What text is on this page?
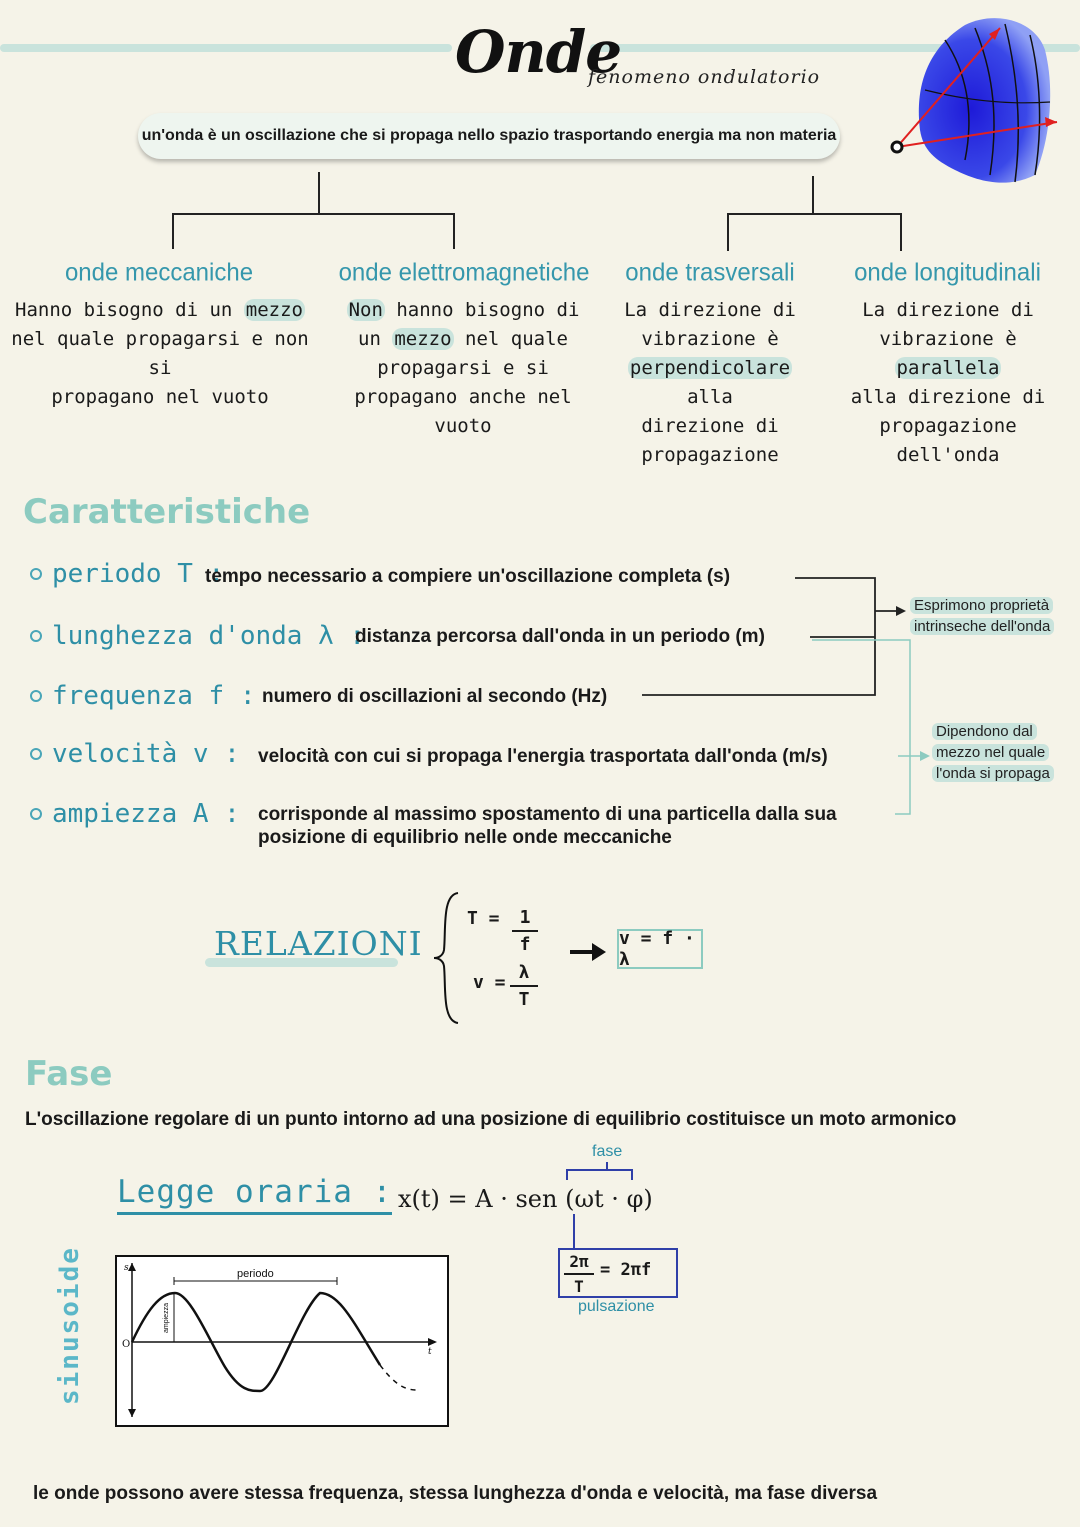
Onde
fenomeno ondulatorio
un'onda è un oscillazione che si propaga nello spazio trasportando energia ma non materia
onde meccaniche
Hanno bisogno di un mezzo
nel quale propagarsi e non si
propagano nel vuoto
onde elettromagnetiche
Non hanno bisogno di
un mezzo nel quale
propagarsi e si
propagano anche nel
vuoto
onde trasversali
La direzione di
vibrazione è
perpendicolare alla
direzione di
propagazione
onde longitudinali
La direzione di
vibrazione è parallela
alla direzione di
propagazione
dell'onda
Caratteristiche
periodo T :
tempo necessario a compiere un'oscillazione completa (s)
lunghezza d'onda λ :
distanza percorsa dall'onda in un periodo (m)
frequenza f : numero di oscillazioni al secondo (Hz)
velocità v : velocità con cui si propaga l'energia trasportata dall'onda (m/s)
ampiezza A : corrisponde al massimo spostamento di una particella dalla sua
posizione di equilibrio nelle onde meccaniche
Esprimono proprietà
intrinseche dell'onda
Dipendono dal
mezzo nel quale
l'onda si propaga
RELAZIONI
T =	1
f
v = λ
T
v = f · λ
Fase
L'oscillazione regolare di un punto intorno ad una posizione di equilibrio costituisce un moto armonico
Legge oraria : x(t) = A · sen (ωt · φ)
fase
2π
T
= 2πf
pulsazione
sinusoide	s
O
t
periodo
ampiezza
le onde possono avere stessa frequenza, stessa lunghezza d'onda e velocità, ma fase diversa
